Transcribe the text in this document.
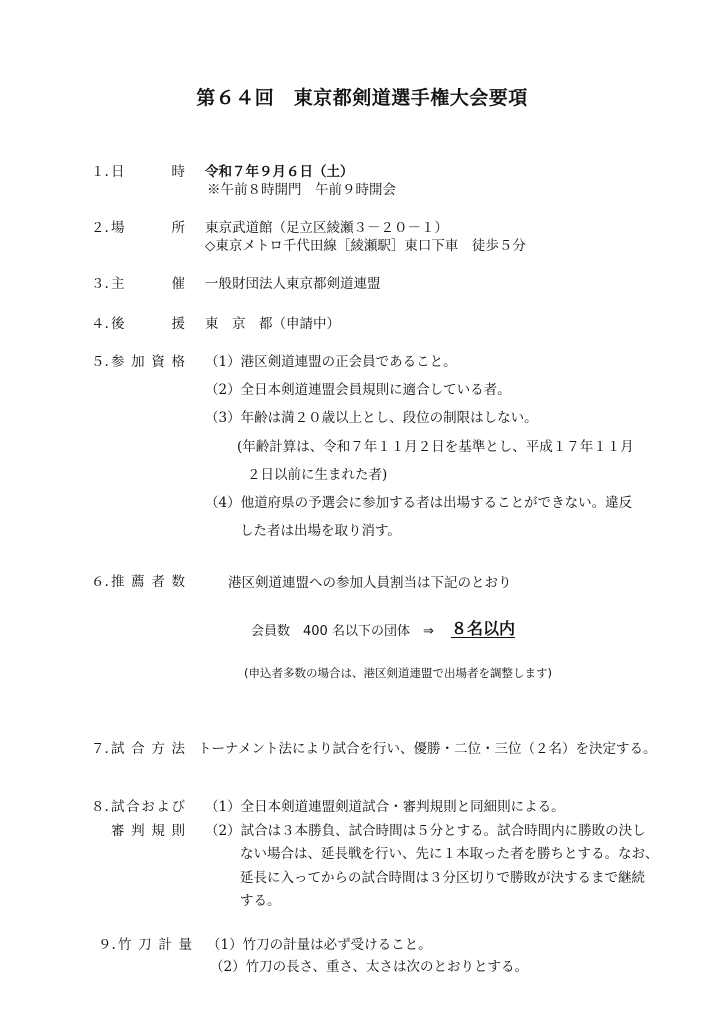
第６４回　東京都剣道選手権大会要項
１. 日　　　時 令和７年９月６日（土）
※午前８時開門　午前９時開会
２. 場　　　所 東京武道館（足立区綾瀬３－２０－１）
◇東京メトロ千代田線［綾瀬駅］東口下車　徒歩５分
３. 主　　　催 一般財団法人東京都剣道連盟
４. 後　　　援 東　京　都（申請中）
５. 参 加 資 格 （1）港区剣道連盟の正会員であること。
（2）全日本剣道連盟会員規則に適合している者。
（3）年齢は満２０歳以上とし、段位の制限はしない。
(年齢計算は、令和７年１１月２日を基準とし、平成１７年１１月
２日以前に生まれた者)
（4）他道府県の予選会に参加する者は出場することができない。違反
した者は出場を取り消す。
６. 推 薦 者 数	港区剣道連盟への参加人員割当は下記のとおり
会員数　400 名以下の団体　⇒ ８名以内
(申込者多数の場合は、港区剣道連盟で出場者を調整します)
７. 試 合 方 法 トーナメント法により試合を行い、優勝・二位・三位（２名）を決定する。
８. 試合および
審 判 規 則
（1）全日本剣道連盟剣道試合・審判規則と同細則による。
（2）試合は３本勝負、試合時間は５分とする。試合時間内に勝敗の決し
ない場合は、延長戦を行い、先に１本取った者を勝ちとする。なお、
延長に入ってからの試合時間は３分区切りで勝敗が決するまで継続
する。
９. 竹 刀 計 量 （1）竹刀の計量は必ず受けること。
（2）竹刀の長さ、重さ、太さは次のとおりとする。
